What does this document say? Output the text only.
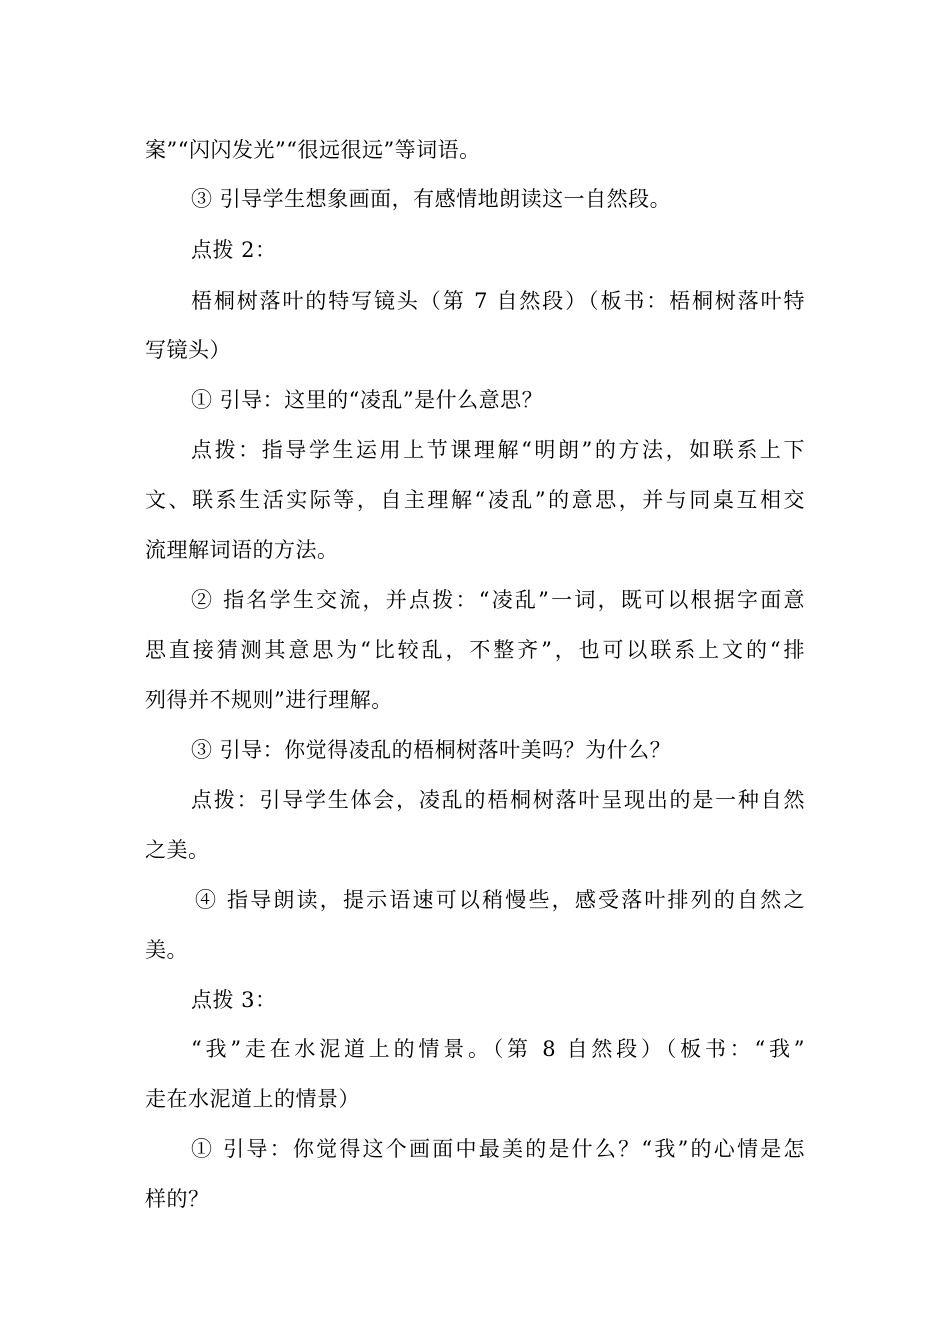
案”“闪闪发光”“很远很远”等词语。
③ 引导学生想象画面，有感情地朗读这一自然段。
点拨 2：
梧桐树落叶的特写镜头（第 7 自然段）（板书：梧桐树落叶特
写镜头）
① 引导：这里的“凌乱”是什么意思？
点拨：指导学生运用上节课理解“明朗”的方法，如联系上下
文、联系生活实际等，自主理解“凌乱”的意思，并与同桌互相交
流理解词语的方法。
② 指名学生交流，并点拨：“凌乱”一词，既可以根据字面意
思直接猜测其意思为“比较乱，不整齐”，也可以联系上文的“排
列得并不规则”进行理解。
③ 引导：你觉得凌乱的梧桐树落叶美吗？为什么？
点拨：引导学生体会，凌乱的梧桐树落叶呈现出的是一种自然
之美。
④ 指导朗读，提示语速可以稍慢些，感受落叶排列的自然之
美。
点拨 3：
“我”走在水泥道上的情景。（第 8 自然段）（板书：“我”
走在水泥道上的情景）
① 引导：你觉得这个画面中最美的是什么？“我”的心情是怎
样的？
